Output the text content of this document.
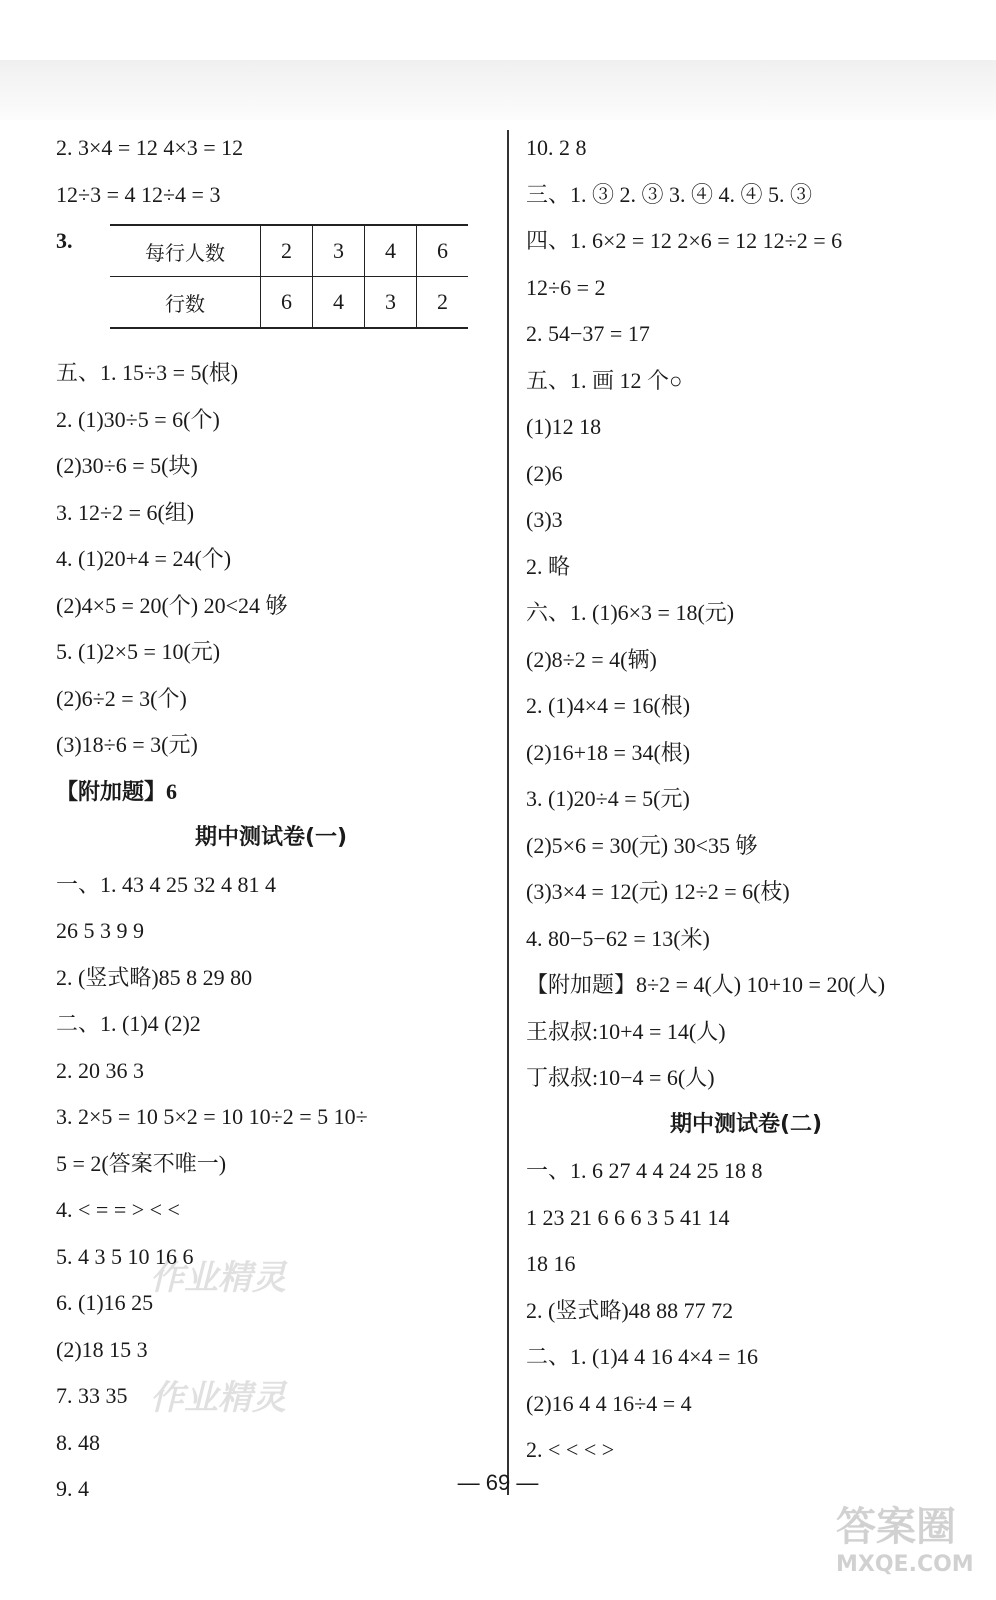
2. 3×4 = 12 4×3 = 12
12÷3 = 4 12÷4 = 3
3.	每行人数	2	3	4	6
行数	6	4	3	2
五、1. 15÷3 = 5(根)
2. (1)30÷5 = 6(个)
(2)30÷6 = 5(块)
3. 12÷2 = 6(组)
4. (1)20+4 = 24(个)
(2)4×5 = 20(个) 20<24 够
5. (1)2×5 = 10(元)
(2)6÷2 = 3(个)
(3)18÷6 = 3(元)
【附加题】6
期中测试卷(一)
一、1. 43 4 25 32 4 81 4
26 5 3 9 9
2. (竖式略)85 8 29 80
二、1. (1)4 (2)2
2. 20 36 3
3. 2×5 = 10 5×2 = 10 10÷2 = 5 10÷
5 = 2(答案不唯一)
4. < = = > < <
5. 4 3 5 10 16 6
6. (1)16 25
(2)18 15 3
7. 33 35
8. 48
9. 4
10. 2 8
三、1. ③ 2. ③ 3. ④ 4. ④ 5. ③
四、1. 6×2 = 12 2×6 = 12 12÷2 = 6
12÷6 = 2
2. 54−37 = 17
五、1. 画 12 个○
(1)12 18
(2)6
(3)3
2. 略
六、1. (1)6×3 = 18(元)
(2)8÷2 = 4(辆)
2. (1)4×4 = 16(根)
(2)16+18 = 34(根)
3. (1)20÷4 = 5(元)
(2)5×6 = 30(元) 30<35 够
(3)3×4 = 12(元) 12÷2 = 6(枝)
4. 80−5−62 = 13(米)
【附加题】8÷2 = 4(人) 10+10 = 20(人)
王叔叔:10+4 = 14(人)
丁叔叔:10−4 = 6(人)
期中测试卷(二)
一、1. 6 27 4 4 24 25 18 8
1 23 21 6 6 6 3 5 41 14
18 16
2. (竖式略)48 88 77 72
二、1. (1)4 4 16 4×4 = 16
(2)16 4 4 16÷4 = 4
2. < < < >
作业精灵
作业精灵
— 69 —
答案圈
MXQE.COM
